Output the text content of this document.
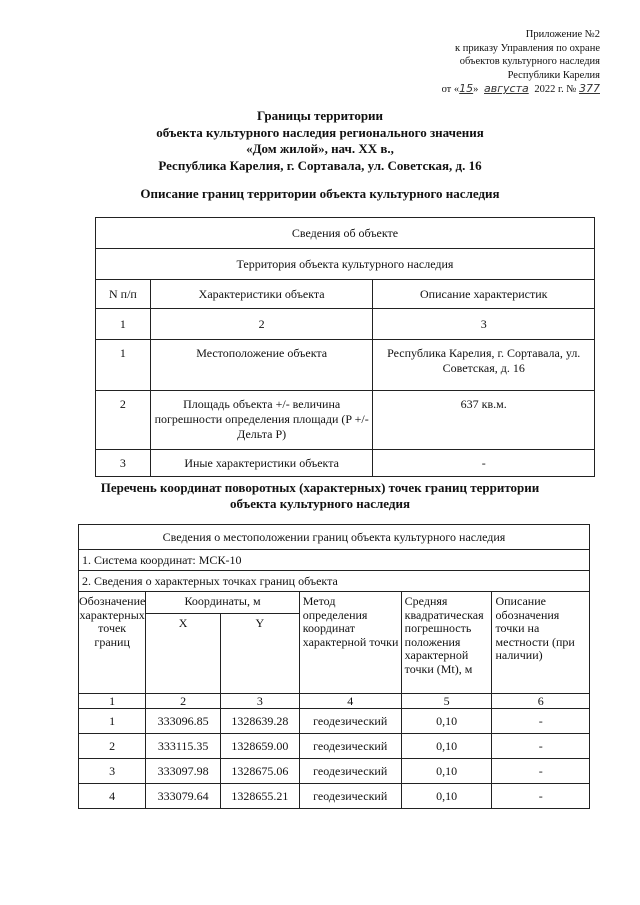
Приложение №2
к приказу Управления по охране
объектов культурного наследия
Республики Карелия
от «15» августа 2022 г. № 377
Границы территории
объекта культурного наследия регионального значения
«Дом жилой», нач. XX в.,
Республика Карелия, г. Сортавала, ул. Советская, д. 16
Описание границ территории объекта культурного наследия
Сведения об объекте		
Территория объекта культурного наследия		
N п/п	Характеристики объекта	Описание характеристик
1	2	3
1	Местоположение объекта	Республика Карелия, г. Сортавала, ул. Советская, д. 16
2	Площадь объекта +/- величина погрешности определения площади (P +/- Дельта P)	637 кв.м.
3	Иные характеристики объекта	-
Перечень координат поворотных (характерных) точек границ территории
объекта культурного наследия
Сведения о местоположении границ объекта культурного наследия					
1. Система координат: МСК-10					
2. Сведения о характерных точках границ объекта					
Обозначение характерных точек границ	Координаты, м		Метод определения координат характерной точки	Средняя квадратическая погрешность положения характерной точки (Mt), м	Описание обозначения точки на местности (при наличии)
	X	Y			
1	2	3	4	5	6
1	333096.85	1328639.28	геодезический	0,10	-
2	333115.35	1328659.00	геодезический	0,10	-
3	333097.98	1328675.06	геодезический	0,10	-
4	333079.64	1328655.21	геодезический	0,10	-
